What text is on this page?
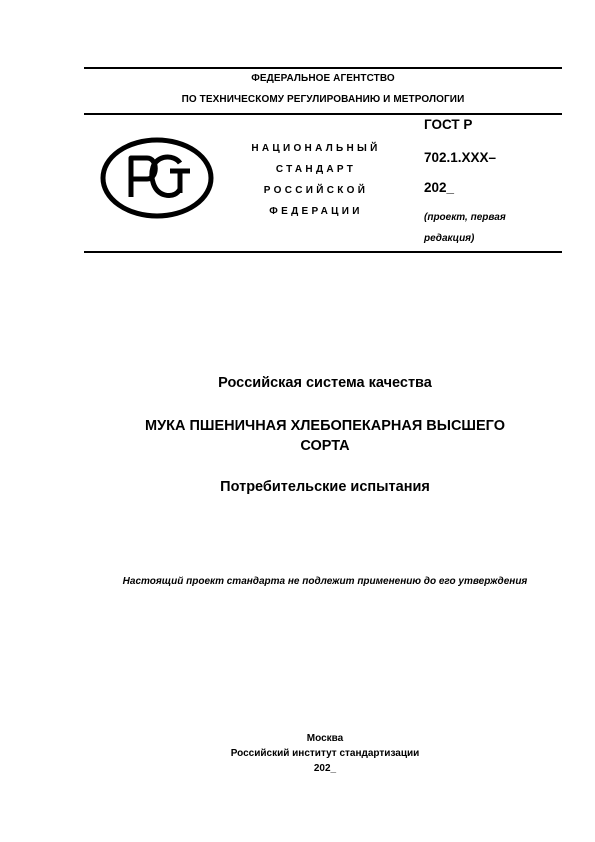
ФЕДЕРАЛЬНОЕ АГЕНТСТВО
ПО ТЕХНИЧЕСКОМУ РЕГУЛИРОВАНИЮ И МЕТРОЛОГИИ
НАЦИОНАЛЬНЫЙ
СТАНДАРТ
РОССИЙСКОЙ
ФЕДЕРАЦИИ
ГОСТ Р
702.1.XXX–
202_
(проект, первая
редакция)
Российская система качества
МУКА ПШЕНИЧНАЯ ХЛЕБОПЕКАРНАЯ ВЫСШЕГО
СОРТА
Потребительские испытания
Настоящий проект стандарта не подлежит применению до его утверждения
Москва
Российский институт стандартизации
202_
